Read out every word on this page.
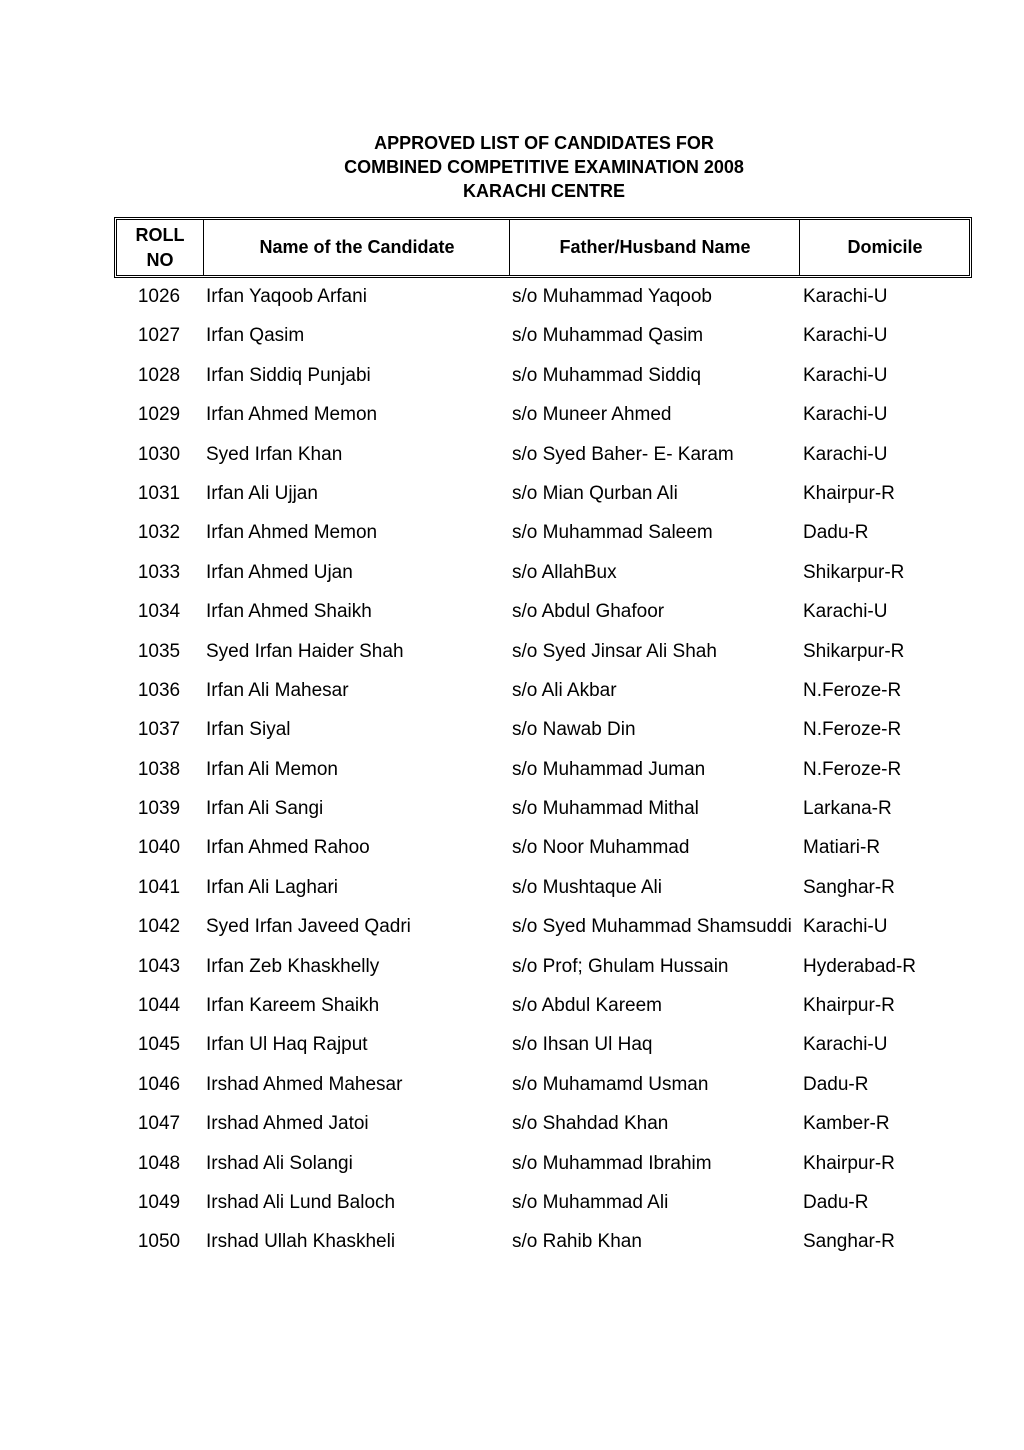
APPROVED LIST OF CANDIDATES FOR
COMBINED COMPETITIVE EXAMINATION 2008
KARACHI CENTRE
ROLL
NO
Name of the Candidate	Father/Husband Name	Domicile
1026	Irfan Yaqoob Arfani	s/o Muhammad Yaqoob	Karachi-U
1027	Irfan Qasim	s/o Muhammad Qasim	Karachi-U
1028	Irfan Siddiq Punjabi	s/o Muhammad Siddiq	Karachi-U
1029	Irfan Ahmed Memon	s/o Muneer Ahmed	Karachi-U
1030	Syed Irfan Khan	s/o Syed Baher- E- Karam	Karachi-U
1031	Irfan Ali Ujjan	s/o Mian Qurban Ali	Khairpur-R
1032	Irfan Ahmed Memon	s/o Muhammad Saleem	Dadu-R
1033	Irfan Ahmed Ujan	s/o AllahBux	Shikarpur-R
1034	Irfan Ahmed Shaikh	s/o Abdul Ghafoor	Karachi-U
1035	Syed Irfan Haider Shah	s/o Syed Jinsar Ali Shah	Shikarpur-R
1036	Irfan Ali Mahesar	s/o Ali Akbar	N.Feroze-R
1037	Irfan Siyal	s/o Nawab Din	N.Feroze-R
1038	Irfan Ali Memon	s/o Muhammad Juman	N.Feroze-R
1039	Irfan Ali Sangi	s/o Muhammad Mithal	Larkana-R
1040	Irfan Ahmed Rahoo	s/o Noor Muhammad	Matiari-R
1041	Irfan Ali Laghari	s/o Mushtaque Ali	Sanghar-R
1042	Syed Irfan Javeed Qadri	s/o Syed Muhammad Shamsuddi Karachi-U
1043	Irfan Zeb Khaskhelly	s/o Prof; Ghulam Hussain	Hyderabad-R
1044	Irfan Kareem Shaikh	s/o Abdul Kareem	Khairpur-R
1045	Irfan Ul Haq Rajput	s/o Ihsan Ul Haq	Karachi-U
1046	Irshad Ahmed Mahesar	s/o Muhamamd Usman	Dadu-R
1047	Irshad Ahmed Jatoi	s/o Shahdad Khan	Kamber-R
1048	Irshad Ali Solangi	s/o Muhammad Ibrahim	Khairpur-R
1049	Irshad Ali Lund Baloch	s/o Muhammad Ali	Dadu-R
1050	Irshad Ullah Khaskheli	s/o Rahib Khan	Sanghar-R
